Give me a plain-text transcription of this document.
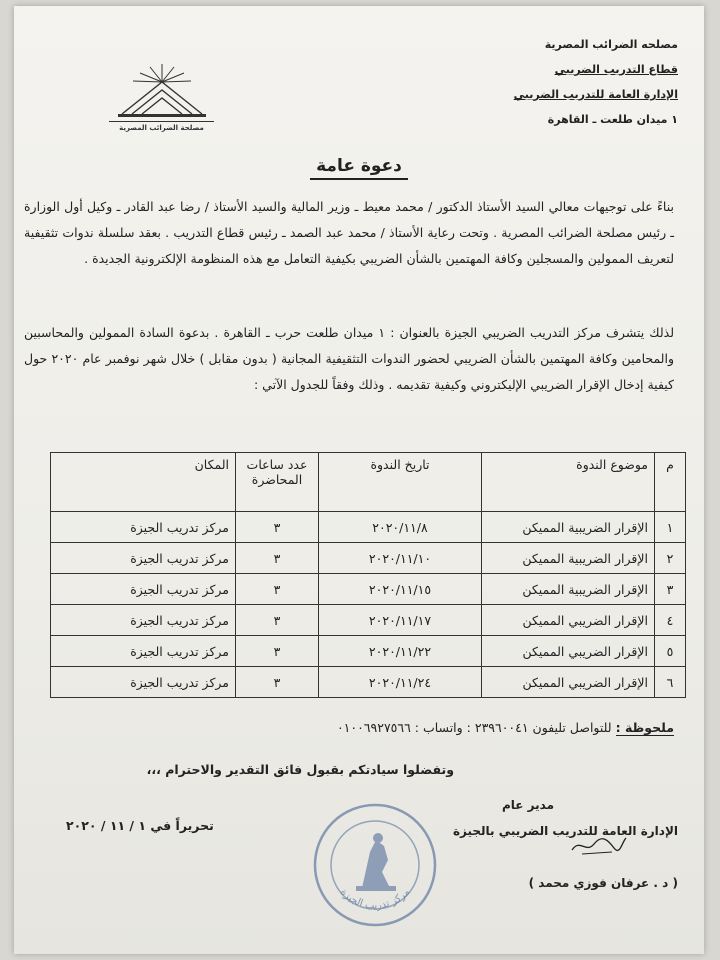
مصلحه الضرائب المصرية
قطاع التدريب الضريبي
الإدارة العامة للتدريب الضريبي
١ ميدان طلعت ـ القاهرة
مصلحة الضرائب المصرية
دعوة عامة
بناءً على توجيهات معالي السيد الأستاذ الدكتور / محمد معيط ـ وزير المالية والسيد الأستاذ / رضا عبد القادر ـ وكيل أول الوزارة ـ رئيس مصلحة الضرائب المصرية . وتحت رعاية الأستاذ / محمد عبد الصمد ـ رئيس قطاع التدريب . بعقد سلسلة ندوات تثقيفية لتعريف الممولين والمسجلين وكافة المهتمين بالشأن الضريبي بكيفية التعامل مع هذه المنظومة الإلكترونية الجديدة .
لذلك يتشرف مركز التدريب الضريبي الجيزة بالعنوان : ١ ميدان طلعت حرب ـ القاهرة . بدعوة السادة الممولين والمحاسبين والمحامين وكافة المهتمين بالشأن الضريبي لحضور الندوات التثقيفية المجانية ( بدون مقابل ) خلال شهر نوفمبر عام ٢٠٢٠ حول كيفية إدخال الإقرار الضريبي الإليكتروني وكيفية تقديمه . وذلك وفقاً للجدول الآتي :
م	موضوع الندوة	تاريخ الندوة	عدد ساعات المحاضرة	المكان
١	الإقرار الضريبية المميكن	٢٠٢٠/١١/٨	٣	مركز تدريب الجيزة
٢	الإقرار الضريبية المميكن	٢٠٢٠/١١/١٠	٣	مركز تدريب الجيزة
٣	الإقرار الضريبية المميكن	٢٠٢٠/١١/١٥	٣	مركز تدريب الجيزة
٤	الإقرار الضريبي المميكن	٢٠٢٠/١١/١٧	٣	مركز تدريب الجيزة
٥	الإقرار الضريبي المميكن	٢٠٢٠/١١/٢٢	٣	مركز تدريب الجيزة
٦	الإقرار الضريبي المميكن	٢٠٢٠/١١/٢٤	٣	مركز تدريب الجيزة
ملحوظة : للتواصل تليفون ٢٣٩٦٠٠٤١ : واتساب : ٠١٠٠٦٩٢٧٥٦٦
وتفضلوا سيادتكم بقبول فائق التقدير والاحترام ،،،
مدير عام
الإدارة العامة للتدريب الضريبي بالجيزة
( د . عرفان فوزي محمد )
تحريراً في ١ / ١١ / ٢٠٢٠
مركز تدريب الجيزة
